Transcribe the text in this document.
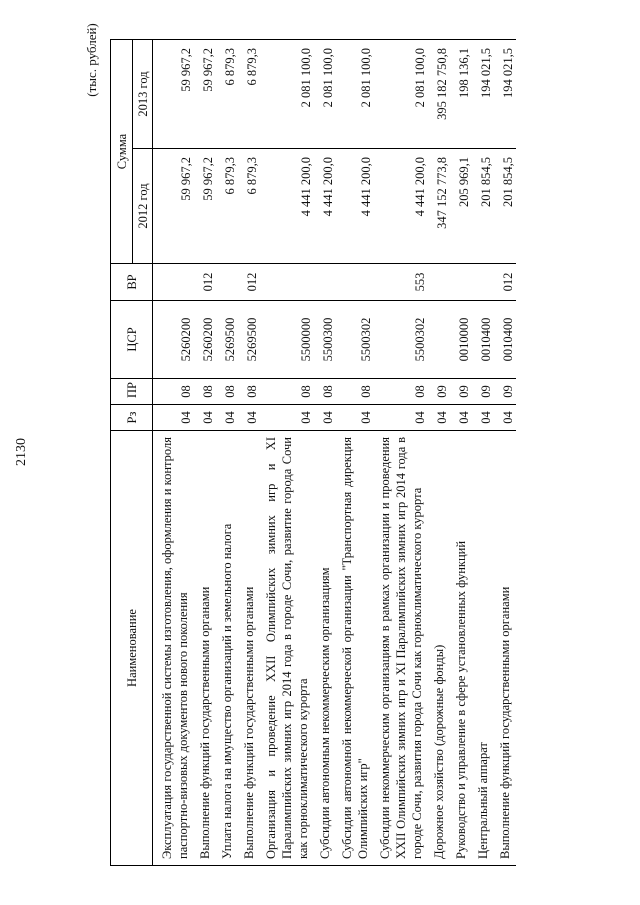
2130
(тыс. рублей)
Наименование	Рз	ПР	ЦСР	ВР	Сумма	
					2012 год	2013 год
Эксплуатация государственной системы изготовления, оформления и контроля паспортно-визовых документов нового поколения	04	08	5260200		59 967,2	59 967,2
Выполнение функций государственными органами	04	08	5260200	012	59 967,2	59 967,2
Уплата налога на имущество организаций и земельного налога	04	08	5269500		6 879,3	6 879,3
Выполнение функций государственными органами	04	08	5269500	012	6 879,3	6 879,3
Организация и проведение XXII Олимпийских зимних игр и XI Паралимпийских зимних игр 2014 года в городе Сочи, развитие города Сочи как горноклиматического курорта	04	08	5500000		4 441 200,0	2 081 100,0
Субсидии автономным некоммерческим организациям	04	08	5500300		4 441 200,0	2 081 100,0
Субсидии автономной некоммерческой организации "Транспортная дирекция Олимпийских игр"	04	08	5500302		4 441 200,0	2 081 100,0
Субсидии некоммерческим организациям в рамках организации и проведения XXII Олимпийских зимних игр и XI Паралимпийских зимних игр 2014 года в городе Сочи, развития города Сочи как горноклиматического курорта	04	08	5500302	553	4 441 200,0	2 081 100,0
Дорожное хозяйство (дорожные фонды)	04	09			347 152 773,8	395 182 750,8
Руководство и управление в сфере установленных функций	04	09	0010000		205 969,1	198 136,1
Центральный аппарат	04	09	0010400		201 854,5	194 021,5
Выполнение функций государственными органами	04	09	0010400	012	201 854,5	194 021,5
